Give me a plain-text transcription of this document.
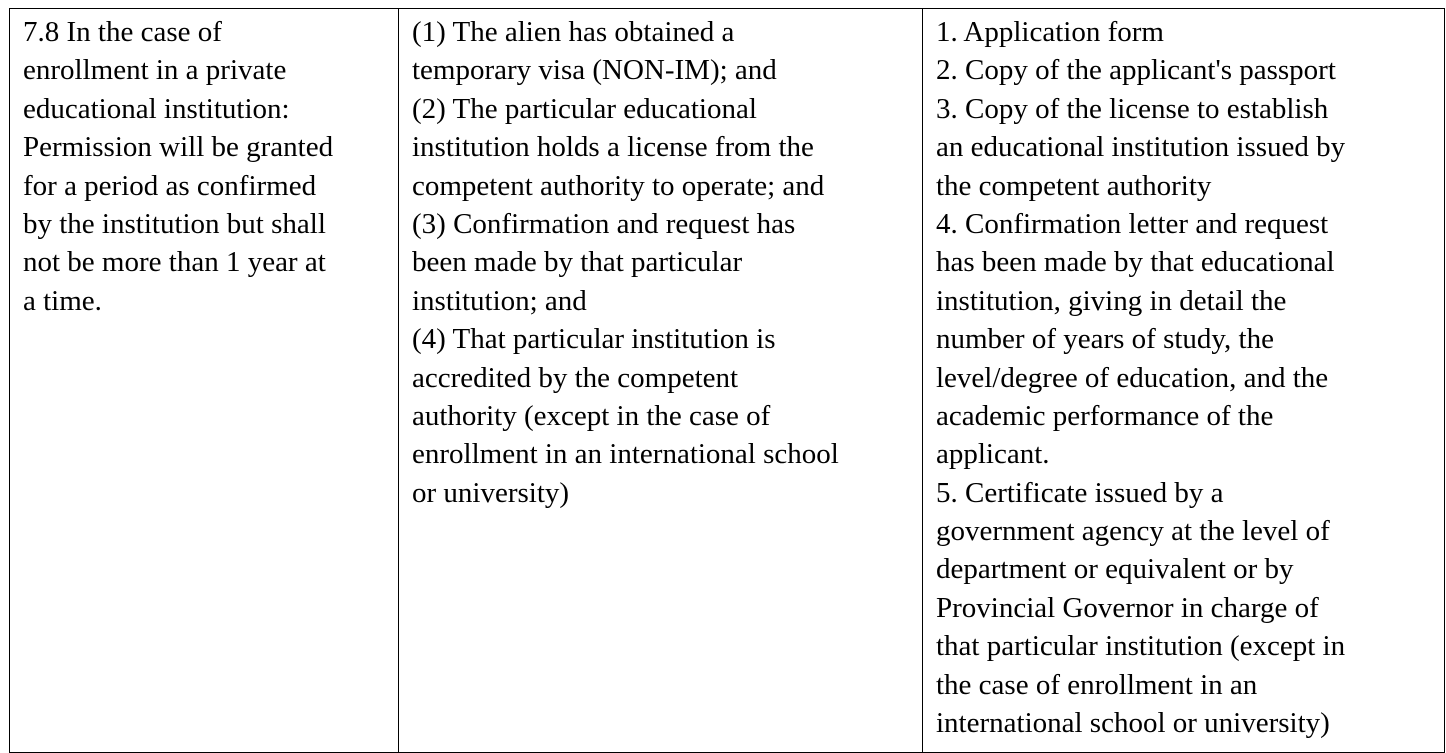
7.8 In the case of
enrollment in a private
educational institution:
Permission will be granted
for a period as confirmed
by the institution but shall
not be more than 1 year at
a time.

(1) The alien has obtained a
temporary visa (NON-IM); and
(2) The particular educational
institution holds a license from the
competent authority to operate; and
(3) Confirmation and request has
been made by that particular
institution; and
(4) That particular institution is
accredited by the competent
authority (except in the case of
enrollment in an international school
or university)

1. Application form
2. Copy of the applicant's passport
3. Copy of the license to establish
an educational institution issued by
the competent authority
4. Confirmation letter and request
has been made by that educational
institution, giving in detail the
number of years of study, the
level/degree of education, and the
academic performance of the
applicant.
5. Certificate issued by a
government agency at the level of
department or equivalent or by
Provincial Governor in charge of
that particular institution (except in
the case of enrollment in an
international school or university)
